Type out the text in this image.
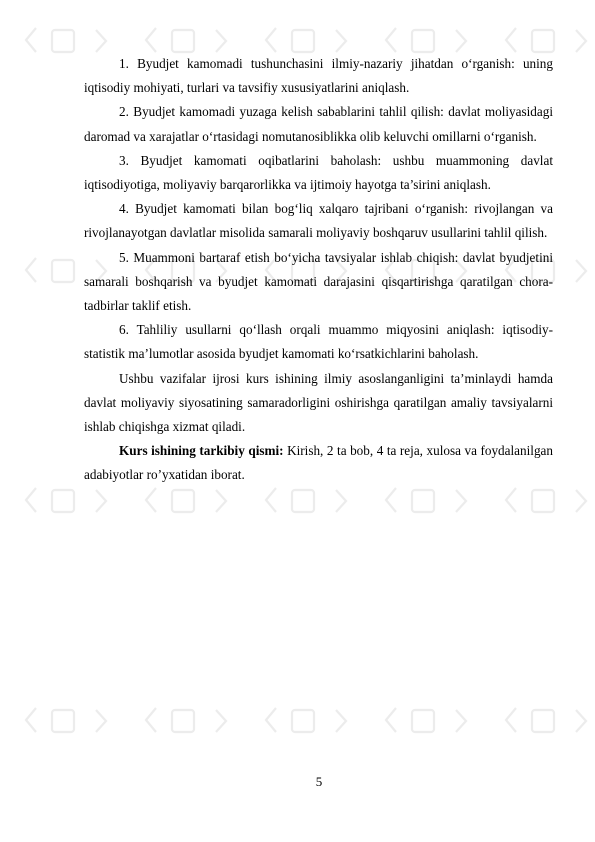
1. Byudjet kamomadi tushunchasini ilmiy-nazariy jihatdan o‘rganish: uning iqtisodiy mohiyati, turlari va tavsifiy xususiyatlarini aniqlash.

2. Byudjet kamomadi yuzaga kelish sabablarini tahlil qilish: davlat moliyasidagi daromad va xarajatlar o‘rtasidagi nomutanosiblikka olib keluvchi omillarni o‘rganish.

3. Byudjet kamomati oqibatlarini baholash: ushbu muammoning davlat iqtisodiyotiga, moliyaviy barqarorlikka va ijtimoiy hayotga ta’sirini aniqlash.

4. Byudjet kamomati bilan bog‘liq xalqaro tajribani o‘rganish: rivojlangan va rivojlanayotgan davlatlar misolida samarali moliyaviy boshqaruv usullarini tahlil qilish.

5. Muammoni bartaraf etish bo‘yicha tavsiyalar ishlab chiqish: davlat byudjetini samarali boshqarish va byudjet kamomati darajasini qisqartirishga qaratilgan chora-tadbirlar taklif etish.

6. Tahliliy usullarni qo‘llash orqali muammo miqyosini aniqlash: iqtisodiy-statistik ma’lumotlar asosida byudjet kamomati ko‘rsatkichlarini baholash.

Ushbu vazifalar ijrosi kurs ishining ilmiy asoslanganligini ta’minlaydi hamda davlat moliyaviy siyosatining samaradorligini oshirishga qaratilgan amaliy tavsiyalarni ishlab chiqishga xizmat qiladi.

Kurs ishining tarkibiy qismi: Kirish, 2 ta bob, 4 ta reja, xulosa va foydalanilgan adabiyotlar ro’yxatidan iborat.

5
